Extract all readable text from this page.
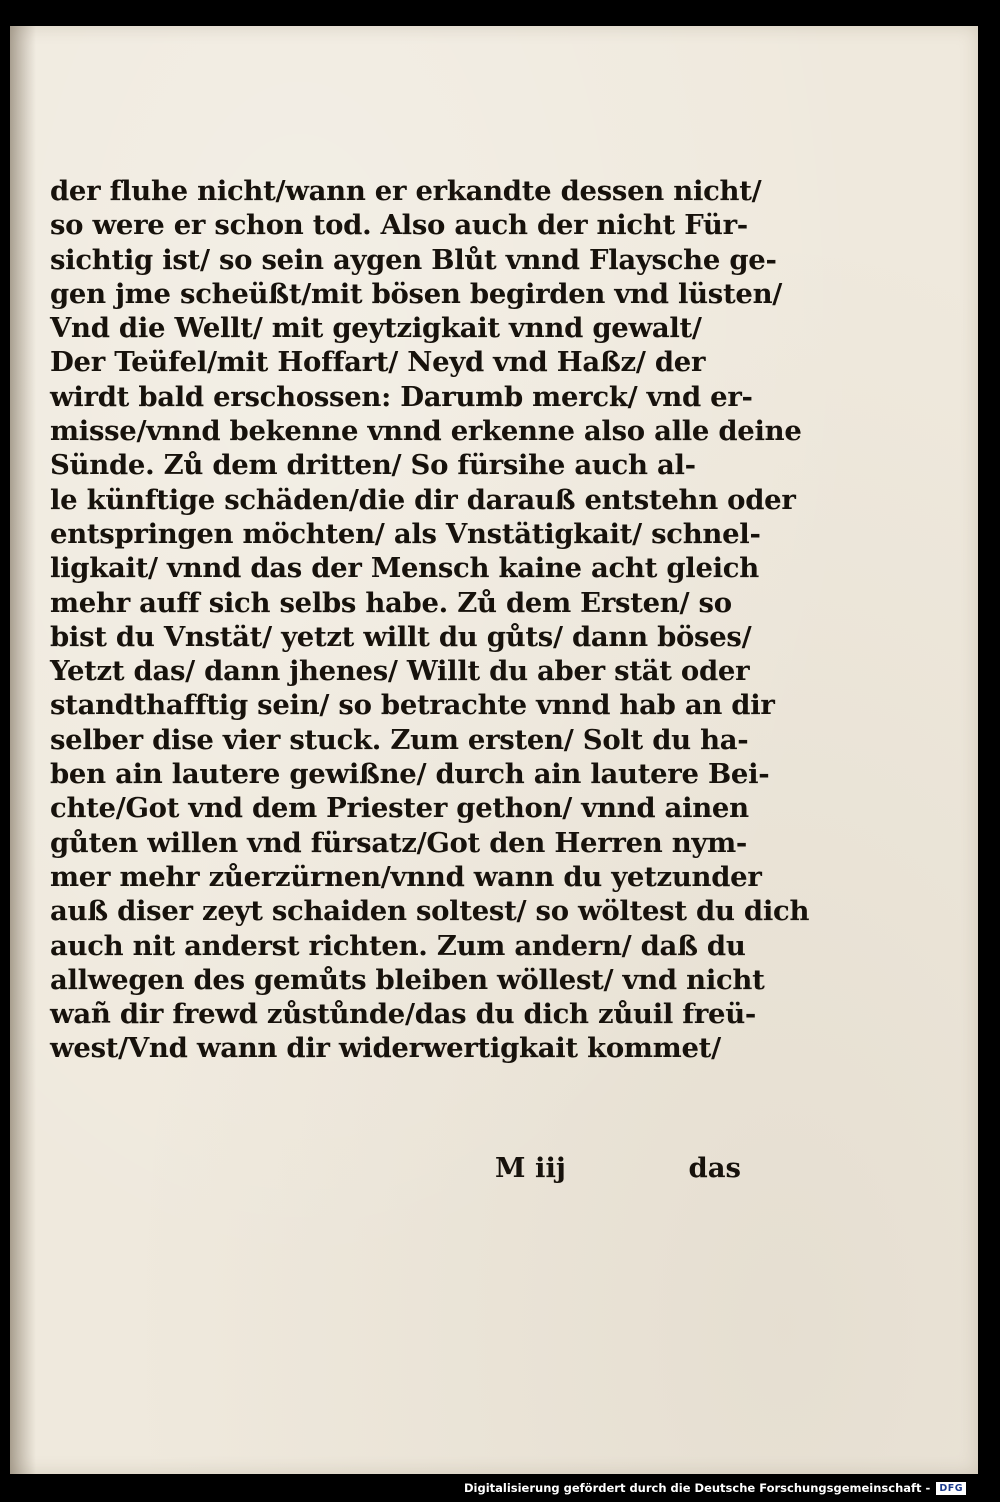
der fluhe nicht/wann er erkandte dessen nicht/
so were er schon tod. Also auch der nicht Für-
sichtig ist/ so sein aygen Blůt vnnd Flaysche ge-
gen jme scheüßt/mit bösen begirden vnd lüsten/
Vnd die Wellt/ mit geytzigkait vnnd gewalt/
Der Teüfel/mit Hoffart/ Neyd vnd Haßz/ der
wirdt bald erschossen: Darumb merck/ vnd er-
misse/vnnd bekenne vnnd erkenne also alle deine
Sünde. Zů dem dritten/ So fürsihe auch al-
le künftige schäden/die dir darauß entstehn oder
entspringen möchten/ als Vnstätigkait/ schnel-
ligkait/ vnnd das der Mensch kaine acht gleich
mehr auff sich selbs habe. Zů dem Ersten/ so
bist du Vnstät/ yetzt willt du gůts/ dann böses/
Yetzt das/ dann jhenes/ Willt du aber stät oder
standthafftig sein/ so betrachte vnnd hab an dir
selber dise vier stuck. Zum ersten/ Solt du ha-
ben ain lautere gewißne/ durch ain lautere Bei-
chte/Got vnd dem Priester gethon/ vnnd ainen
gůten willen vnd fürsatz/Got den Herren nym-
mer mehr zůerzürnen/vnnd wann du yetzunder
auß diser zeyt schaiden soltest/ so wöltest du dich
auch nit anderst richten. Zum andern/ daß du
allwegen des gemůts bleiben wöllest/ vnd nicht
wañ dir frewd zůstůnde/das du dich zůuil freü-
west/Vnd wann dir widerwertigkait kommet/
M iij	das
Digitalisierung gefördert durch die Deutsche Forschungsgemeinschaft - DFG
